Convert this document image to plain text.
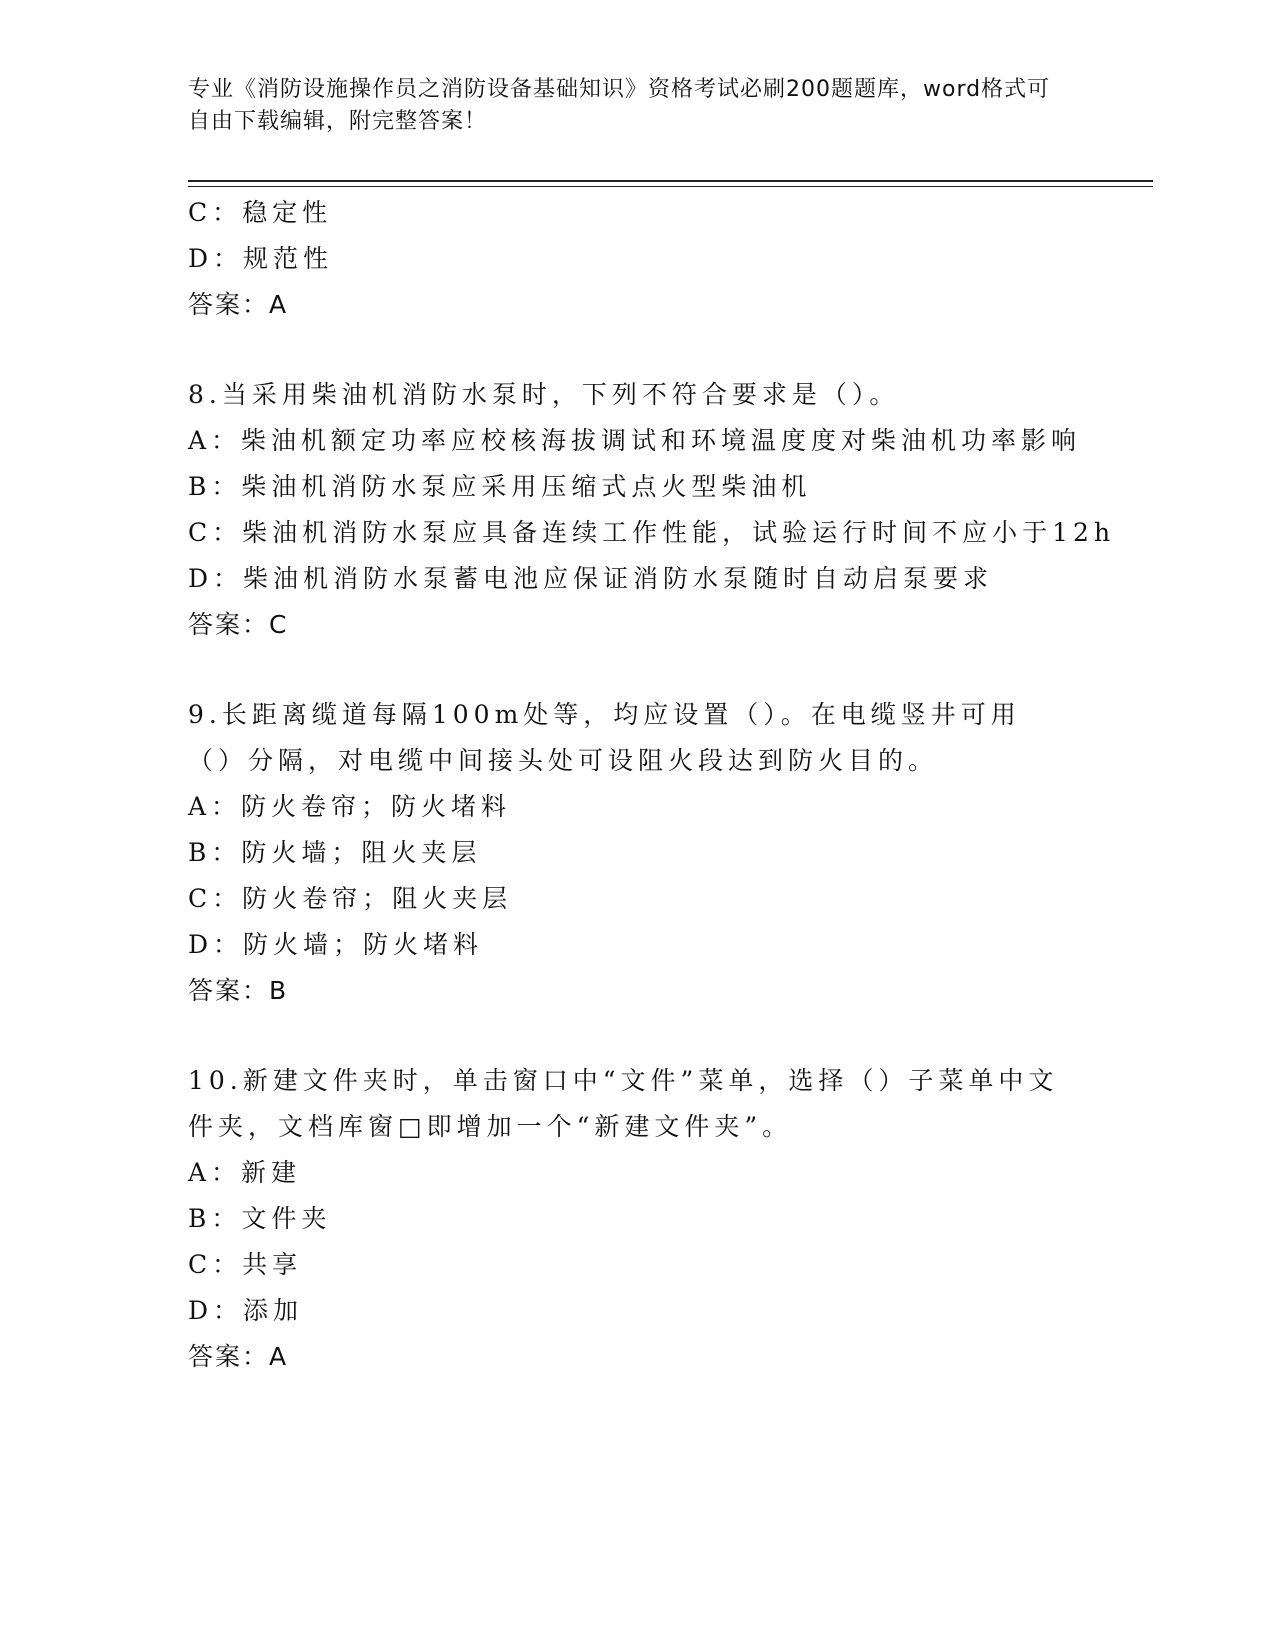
专业《消防设施操作员之消防设备基础知识》资格考试必刷200题题库，word格式可自由下载编辑，附完整答案！
C：稳定性
D：规范性
答案：A
8.当采用柴油机消防水泵时，下列不符合要求是（）。
A：柴油机额定功率应校核海拔调试和环境温度度对柴油机功率影响
B：柴油机消防水泵应采用压缩式点火型柴油机
C：柴油机消防水泵应具备连续工作性能，试验运行时间不应小于12h
D：柴油机消防水泵蓄电池应保证消防水泵随时自动启泵要求
答案：C
9.长距离缆道每隔100m处等，均应设置（）。在电缆竖井可用（）分隔，对电缆中间接头处可设阻火段达到防火目的。
A：防火卷帘；防火堵料
B：防火墙；阻火夹层
C：防火卷帘；阻火夹层
D：防火墙；防火堵料
答案：B
10.新建文件夹时，单击窗口中“文件”菜单，选择（）子菜单中文件夹，文档库窗□即增加一个“新建文件夹”。
A：新建
B：文件夹
C：共享
D：添加
答案：A
